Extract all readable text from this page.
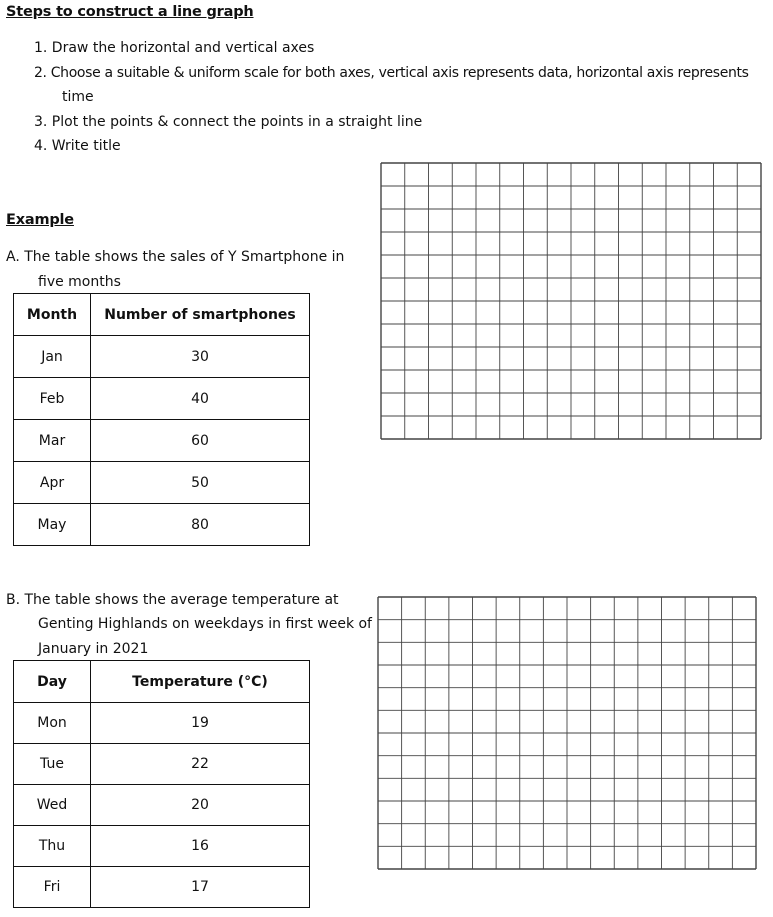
Steps to construct a line graph
1. Draw the horizontal and vertical axes
2. Choose a suitable & uniform scale for both axes, vertical axis represents data, horizontal axis represents
time
3. Plot the points & connect the points in a straight line
4. Write title
Example
A. The table shows the sales of Y Smartphone in
five months
Month	Number of smartphones
Jan	30
Feb	40
Mar	60
Apr	50
May	80
B. The table shows the average temperature at
Genting Highlands on weekdays in first week of
January in 2021
Day	Temperature (°C)
Mon	19
Tue	22
Wed	20
Thu	16
Fri	17
